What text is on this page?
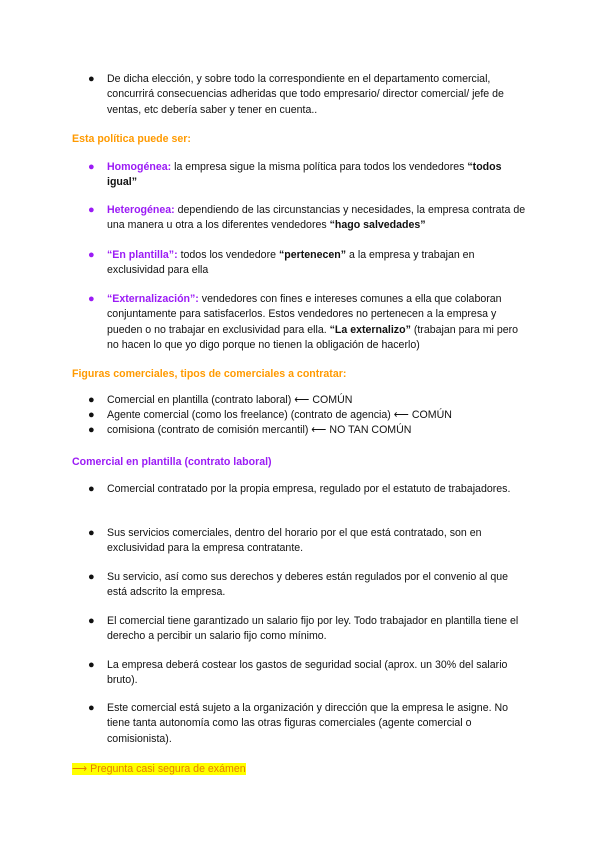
● De dicha elección, y sobre todo la correspondiente en el departamento comercial, concurrirá consecuencias adheridas que todo empresario/ director comercial/ jefe de ventas, etc debería saber y tener en cuenta..
Esta política puede ser:
● Homogénea: la empresa sigue la misma política para todos los vendedores “todos igual”
● Heterogénea: dependiendo de las circunstancias y necesidades, la empresa contrata de una manera u otra a los diferentes vendedores “hago salvedades”
● “En plantilla”: todos los vendedore “pertenecen” a la empresa y trabajan en exclusividad para ella
● “Externalización”: vendedores con fines e intereses comunes a ella que colaboran conjuntamente para satisfacerlos. Estos vendedores no pertenecen a la empresa y pueden o no trabajar en exclusividad para ella. “La externalizo” (trabajan para mi pero no hacen lo que yo digo porque no tienen la obligación de hacerlo)
Figuras comerciales, tipos de comerciales a contratar:
● Comercial en plantilla (contrato laboral) ⟵ COMÚN
● Agente comercial (como los freelance) (contrato de agencia) ⟵ COMÚN
● comisiona (contrato de comisión mercantil) ⟵ NO TAN COMÚN
Comercial en plantilla (contrato laboral)
● Comercial contratado por la propia empresa, regulado por el estatuto de trabajadores.
● Sus servicios comerciales, dentro del horario por el que está contratado, son en exclusividad para la empresa contratante.
● Su servicio, así como sus derechos y deberes están regulados por el convenio al que está adscrito la empresa.
● El comercial tiene garantizado un salario fijo por ley. Todo trabajador en plantilla tiene el derecho a percibir un salario fijo como mínimo.
● La empresa deberá costear los gastos de seguridad social (aprox. un 30% del salario bruto).
● Este comercial está sujeto a la organización y dirección que la empresa le asigne. No tiene tanta autonomía como las otras figuras comerciales (agente comercial o comisionista).
⟶ Pregunta casi segura de exámen
